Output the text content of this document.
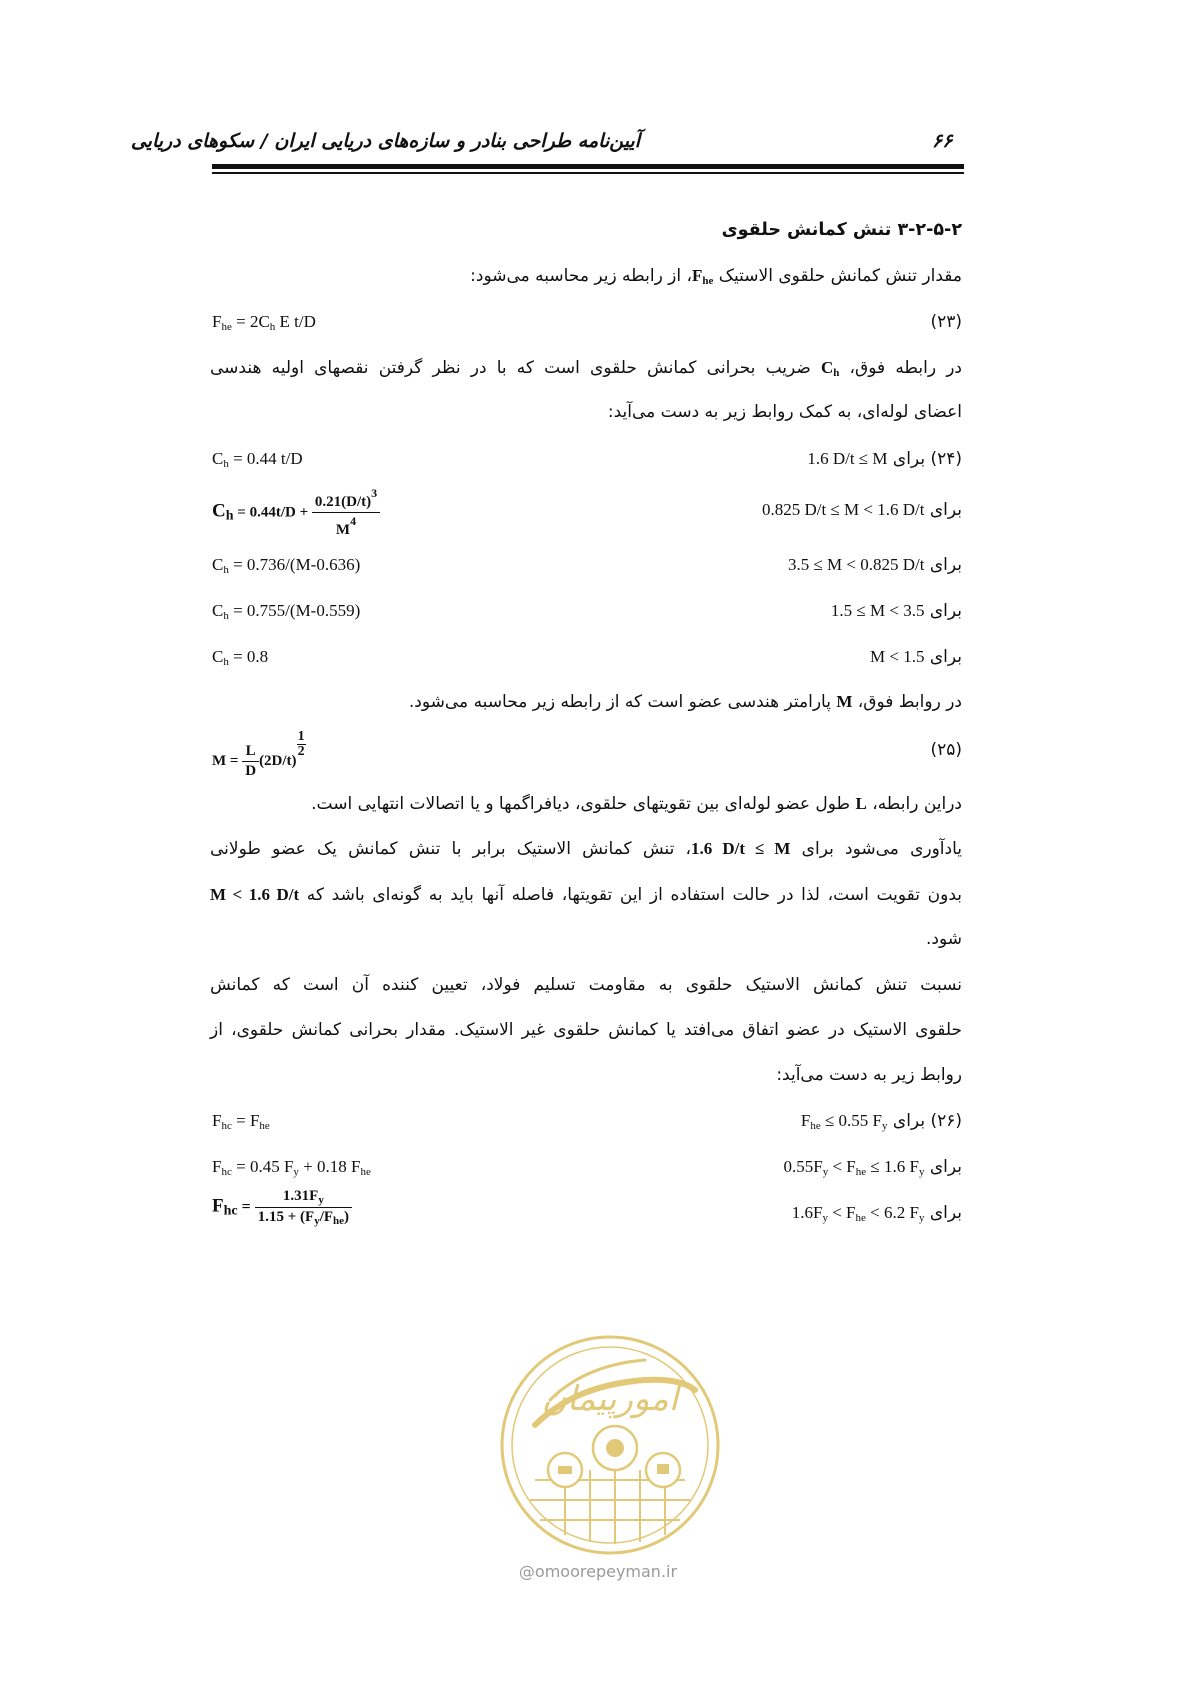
آیین‌نامه طراحی بنادر و سازه‌های دریایی ایران / سکوهای دریایی	۶۶
۳-۲-۵-۲ تنش کمانش حلقوی
مقدار تنش کمانش حلقوی الاستیک $F_{he}،$ از رابطه زیر محاسبه می‌شود:
$F_{he} = 2C_h$ E t/D	(۲۳)
در رابطه فوق، $C_h$ ضریب بحرانی کمانش حلقوی است که با در نظر گرفتن نقصهای اولیه هندسی
اعضای لوله‌ای، به کمک روابط زیر به دست می‌آید:
$C_h = 0.44$ t/D	(۲۴) برای 1.6 D/t ≤ M
$C_h = 0.44t/D + \frac{0.21(D/t)^3}{M^4}$	برای 0.825 D/t ≤ M < 1.6 D/t
$C_h = 0.736/(M-0.636)$	برای 3.5 ≤ M < 0.825 D/t
$C_h = 0.755/(M-0.559)$	برای 1.5 ≤ M < 3.5
$C_h = 0.8$	برای M < 1.5
در روابط فوق، M پارامتر هندسی عضو است که از رابطه زیر محاسبه می‌شود.
$M = \frac{L}{D} (2D/t)$
$\frac{1}{2}$	(۲۵)
دراین رابطه، L طول عضو لوله‌ای بین تقویتهای حلقوی، دیافراگمها و یا اتصالات انتهایی است.
یادآوری می‌شود برای 1.6 D/t ≤ M، تنش کمانش الاستیک برابر با تنش کمانش یک عضو طولانی
بدون تقویت است، لذا در حالت استفاده از این تقویتها، فاصله آنها باید به گونه‌ای باشد که M < 1.6 D/t
شود.
نسبت تنش کمانش الاستیک حلقوی به مقاومت تسلیم فولاد، تعیین کننده آن است که کمانش
حلقوی الاستیک در عضو اتفاق می‌افتد یا کمانش حلقوی غیر الاستیک. مقدار بحرانی کمانش حلقوی، از
روابط زیر به دست می‌آید:
$F_{hc} = F_{he}$	(۲۶) برای $F_{he} \le 0.55$ $F_y$
$F_{hc} = 0.45$ $F_y + 0.18$ $F_{he}$	برای $0.55F_y < F_{he} \le 1.6$ $F_y$
$F_{hc} = \frac{1.31F_y}{1.15 + (F_y/F_{he})}$	برای $1.6F_y < F_{he} < 6.2$ $F_y$
امورپیمان
@omoorepeyman.ir
